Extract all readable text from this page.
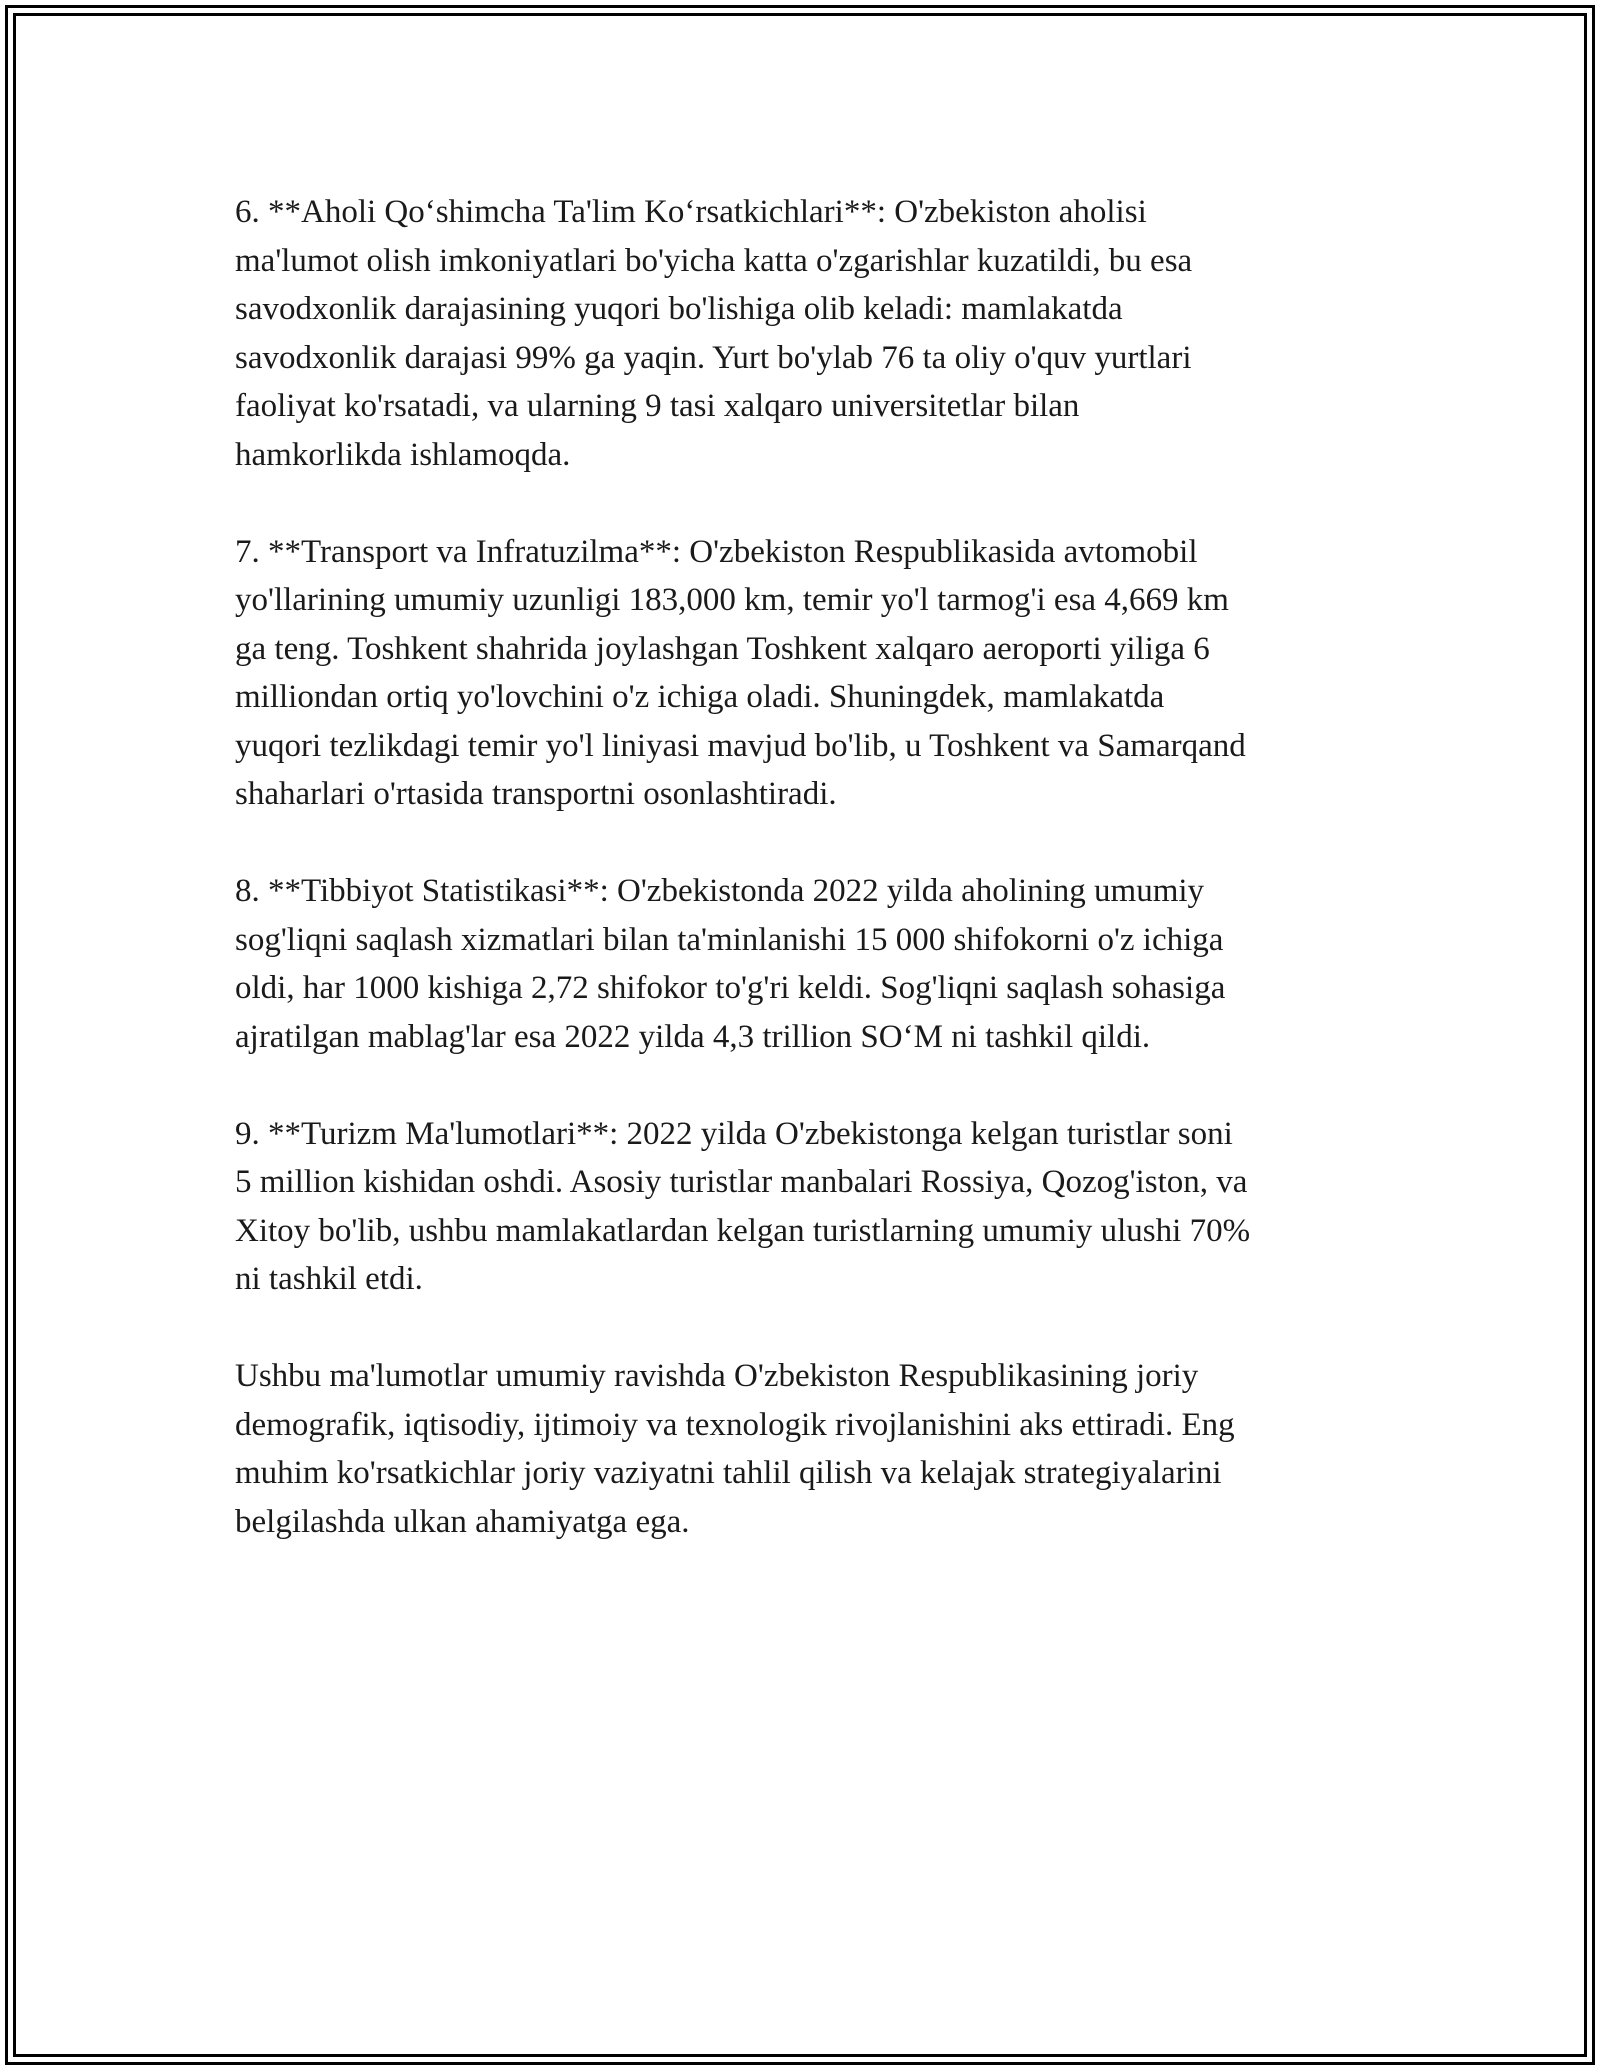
6. **Aholi Qo‘shimcha Ta'lim Ko‘rsatkichlari**: O'zbekiston aholisi
ma'lumot olish imkoniyatlari bo'yicha katta o'zgarishlar kuzatildi, bu esa
savodxonlik darajasining yuqori bo'lishiga olib keladi: mamlakatda
savodxonlik darajasi 99% ga yaqin. Yurt bo'ylab 76 ta oliy o'quv yurtlari
faoliyat ko'rsatadi, va ularning 9 tasi xalqaro universitetlar bilan
hamkorlikda ishlamoqda.

7. **Transport va Infratuzilma**: O'zbekiston Respublikasida avtomobil
yo'llarining umumiy uzunligi 183,000 km, temir yo'l tarmog'i esa 4,669 km
ga teng. Toshkent shahrida joylashgan Toshkent xalqaro aeroporti yiliga 6
milliondan ortiq yo'lovchini o'z ichiga oladi. Shuningdek, mamlakatda
yuqori tezlikdagi temir yo'l liniyasi mavjud bo'lib, u Toshkent va Samarqand
shaharlari o'rtasida transportni osonlashtiradi.

8. **Tibbiyot Statistikasi**: O'zbekistonda 2022 yilda aholining umumiy
sog'liqni saqlash xizmatlari bilan ta'minlanishi 15 000 shifokorni o'z ichiga
oldi, har 1000 kishiga 2,72 shifokor to'g'ri keldi. Sog'liqni saqlash sohasiga
ajratilgan mablag'lar esa 2022 yilda 4,3 trillion SO‘M ni tashkil qildi.

9. **Turizm Ma'lumotlari**: 2022 yilda O'zbekistonga kelgan turistlar soni
5 million kishidan oshdi. Asosiy turistlar manbalari Rossiya, Qozog'iston, va
Xitoy bo'lib, ushbu mamlakatlardan kelgan turistlarning umumiy ulushi 70%
ni tashkil etdi.

Ushbu ma'lumotlar umumiy ravishda O'zbekiston Respublikasining joriy
demografik, iqtisodiy, ijtimoiy va texnologik rivojlanishini aks ettiradi. Eng
muhim ko'rsatkichlar joriy vaziyatni tahlil qilish va kelajak strategiyalarini
belgilashda ulkan ahamiyatga ega.
